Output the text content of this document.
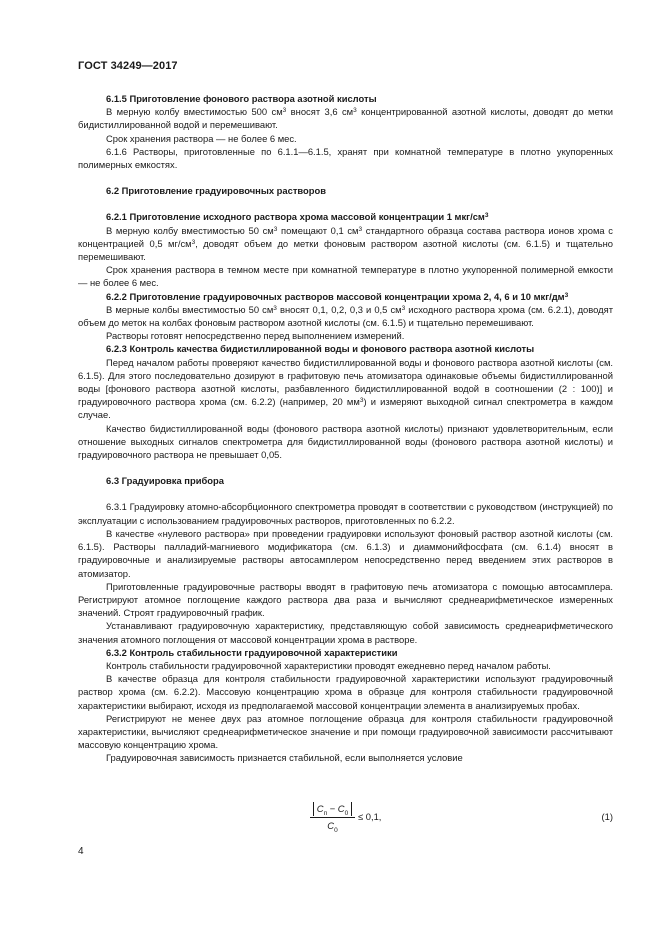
ГОСТ 34249—2017

6.1.5 Приготовление фонового раствора азотной кислоты

В мерную колбу вместимостью 500 $см^3$ вносят 3,6 $см^3$ концентрированной азотной кислоты, доводят до метки бидистиллированной водой и перемешивают.

Срок хранения раствора — не более 6 мес.

6.1.6 Растворы, приготовленные по 6.1.1—6.1.5, хранят при комнатной температуре в плотно укупоренных полимерных емкостях.

6.2 Приготовление градуировочных растворов

6.2.1 Приготовление исходного раствора хрома массовой концентрации 1 мкг/$см^3$

В мерную колбу вместимостью 50 $см^3$ помещают 0,1 $см^3$ стандартного образца состава раствора ионов хрома с концентрацией 0,5 $мг/см^3$, доводят объем до метки фоновым раствором азотной кислоты (см. 6.1.5) и тщательно перемешивают.

Срок хранения раствора в темном месте при комнатной температуре в плотно укупоренной полимерной емкости — не более 6 мес.

6.2.2 Приготовление градуировочных растворов массовой концентрации хрома 2, 4, 6 и 10 мкг/$дм^3$

В мерные колбы вместимостью 50 $см^3$ вносят 0,1, 0,2, 0,3 и 0,5 $см^3$ исходного раствора хрома (см. 6.2.1), доводят объем до меток на колбах фоновым раствором азотной кислоты (см. 6.1.5) и тщательно перемешивают.

Растворы готовят непосредственно перед выполнением измерений.

6.2.3 Контроль качества бидистиллированной воды и фонового раствора азотной кислоты

Перед началом работы проверяют качество бидистиллированной воды и фонового раствора азотной кислоты (см. 6.1.5). Для этого последовательно дозируют в графитовую печь атомизатора одинаковые объемы бидистиллированной воды [фонового раствора азотной кислоты, разбавленного бидистиллированной водой в соотношении (2 : 100)] и градуировочного раствора хрома (см. 6.2.2) (например, 20 $мм^3$) и измеряют выходной сигнал спектрометра в каждом случае.

Качество бидистиллированной воды (фонового раствора азотной кислоты) признают удовлетворительным, если отношение выходных сигналов спектрометра для бидистиллированной воды (фонового раствора азотной кислоты) и градуировочного раствора не превышает 0,05.

6.3 Градуировка прибора

6.3.1 Градуировку атомно-абсорбционного спектрометра проводят в соответствии с руководством (инструкцией) по эксплуатации с использованием градуировочных растворов, приготовленных по 6.2.2.

В качестве «нулевого раствора» при проведении градуировки используют фоновый раствор азотной кислоты (см. 6.1.5). Растворы палладий-магниевого модификатора (см. 6.1.3) и диаммонийфосфата (см. 6.1.4) вносят в градуировочные и анализируемые растворы автосамплером непосредственно перед введением этих растворов в атомизатор.

Приготовленные градуировочные растворы вводят в графитовую печь атомизатора с помощью автосамплера. Регистрируют атомное поглощение каждого раствора два раза и вычисляют среднеарифметическое измеренных значений. Строят градуировочный график.

Устанавливают градуировочную характеристику, представляющую собой зависимость среднеарифметического значения атомного поглощения от массовой концентрации хрома в растворе.

6.3.2 Контроль стабильности градуировочной характеристики

Контроль стабильности градуировочной характеристики проводят ежедневно перед началом работы.

В качестве образца для контроля стабильности градуировочной характеристики используют градуировочный раствор хрома (см. 6.2.2). Массовую концентрацию хрома в образце для контроля стабильности градуировочной характеристики выбирают, исходя из предполагаемой массовой концентрации элемента в анализируемых пробах.

Регистрируют не менее двух раз атомное поглощение образца для контроля стабильности градуировочной характеристики, вычисляют среднеарифметическое значение и при помощи градуировочной зависимости рассчитывают массовую концентрацию хрома.

Градуировочная зависимость признается стабильной, если выполняется условие

$C_п - C_0$
$C_0$
≤ 0,1,	(1)
4
